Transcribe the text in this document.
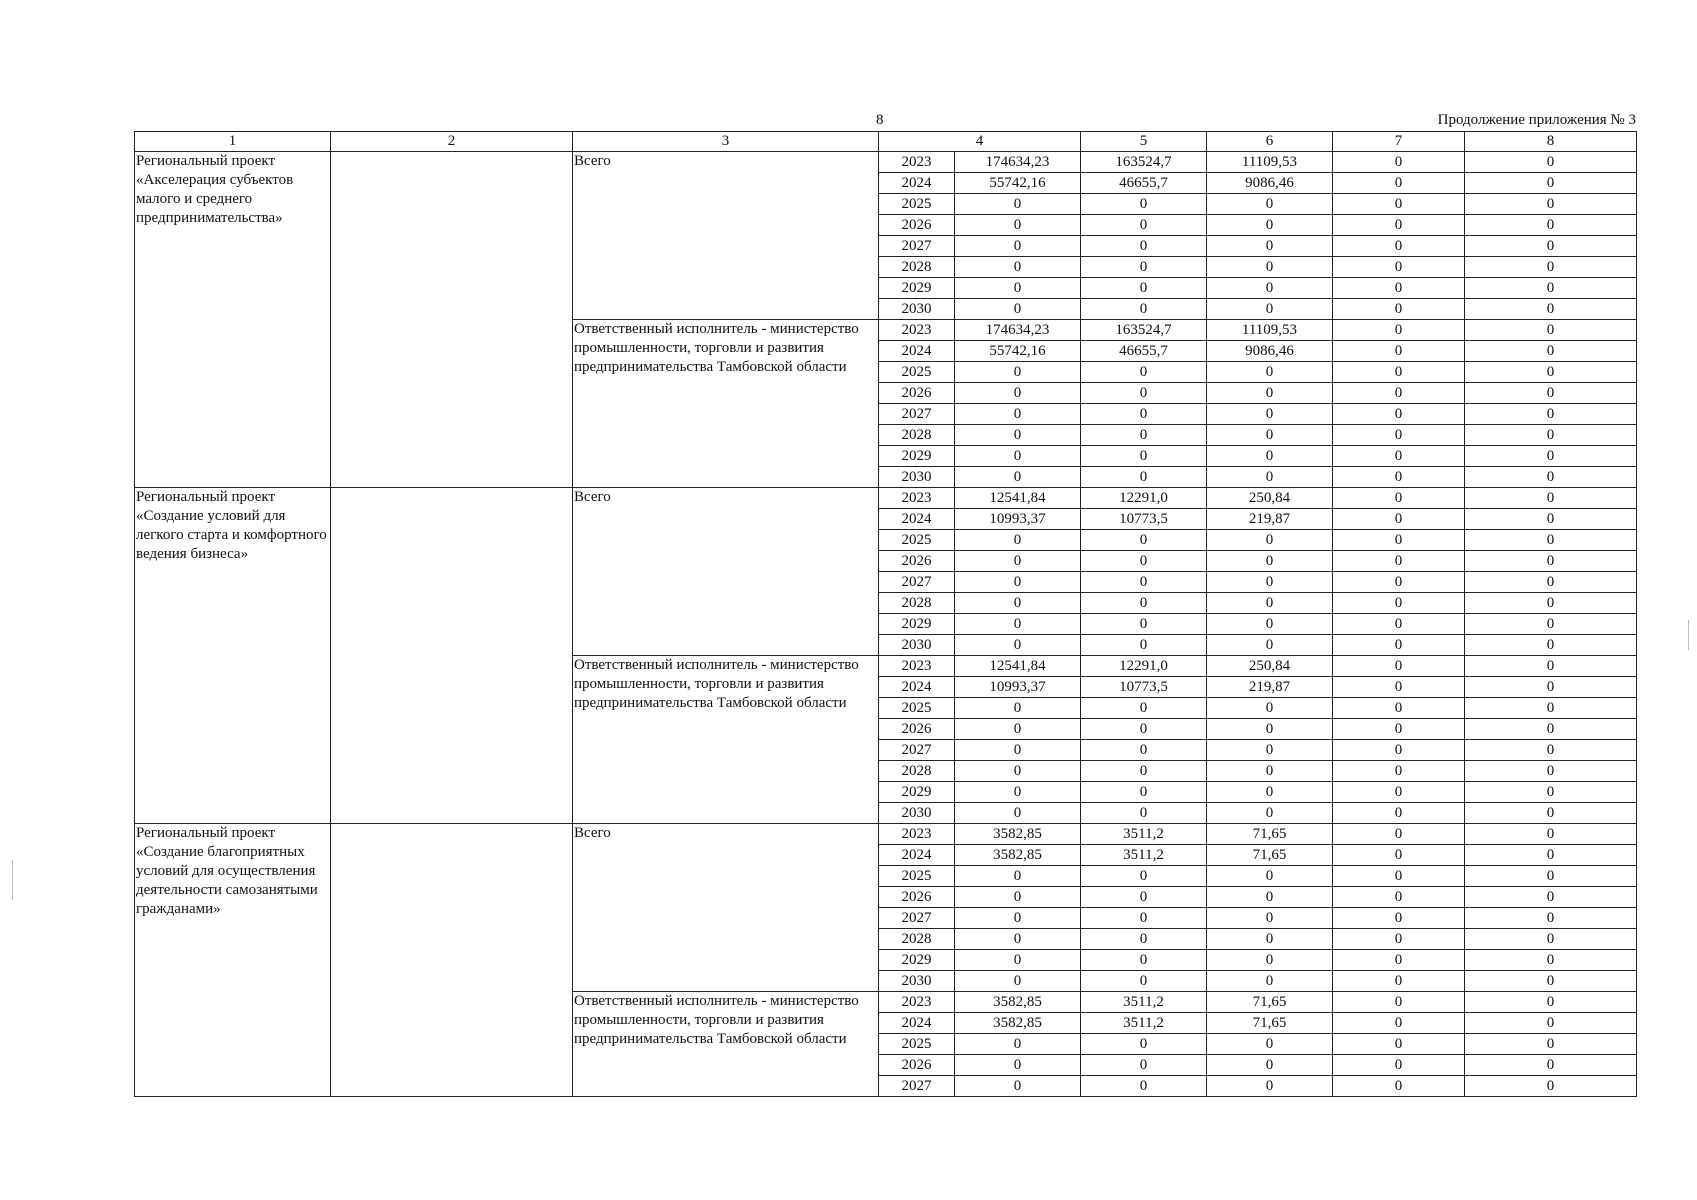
8	Продолжение приложения № 3
1	2	3	4		5	6	7	8
Региональный проект «Акселерация субъектов малого и среднего предпринимательства»		Всего	2023	174634,23	163524,7	11109,53	0	0
			2024	55742,16	46655,7	9086,46	0	0
			2025	0	0	0	0	0
			2026	0	0	0	0	0
			2027	0	0	0	0	0
			2028	0	0	0	0	0
			2029	0	0	0	0	0
			2030	0	0	0	0	0
		Ответственный исполнитель - министерство промышленности, торговли и развития предпринимательства Тамбовской области	2023	174634,23	163524,7	11109,53	0	0
			2024	55742,16	46655,7	9086,46	0	0
			2025	0	0	0	0	0
			2026	0	0	0	0	0
			2027	0	0	0	0	0
			2028	0	0	0	0	0
			2029	0	0	0	0	0
			2030	0	0	0	0	0
Региональный проект «Создание условий для легкого старта и комфортного ведения бизнеса»		Всего	2023	12541,84	12291,0	250,84	0	0
			2024	10993,37	10773,5	219,87	0	0
			2025	0	0	0	0	0
			2026	0	0	0	0	0
			2027	0	0	0	0	0
			2028	0	0	0	0	0
			2029	0	0	0	0	0
			2030	0	0	0	0	0
		Ответственный исполнитель - министерство промышленности, торговли и развития предпринимательства Тамбовской области	2023	12541,84	12291,0	250,84	0	0
			2024	10993,37	10773,5	219,87	0	0
			2025	0	0	0	0	0
			2026	0	0	0	0	0
			2027	0	0	0	0	0
			2028	0	0	0	0	0
			2029	0	0	0	0	0
			2030	0	0	0	0	0
Региональный проект «Создание благоприятных условий для осуществления деятельности самозанятыми гражданами»		Всего	2023	3582,85	3511,2	71,65	0	0
			2024	3582,85	3511,2	71,65	0	0
			2025	0	0	0	0	0
			2026	0	0	0	0	0
			2027	0	0	0	0	0
			2028	0	0	0	0	0
			2029	0	0	0	0	0
			2030	0	0	0	0	0
		Ответственный исполнитель - министерство промышленности, торговли и развития предпринимательства Тамбовской области	2023	3582,85	3511,2	71,65	0	0
			2024	3582,85	3511,2	71,65	0	0
			2025	0	0	0	0	0
			2026	0	0	0	0	0
			2027	0	0	0	0	0
